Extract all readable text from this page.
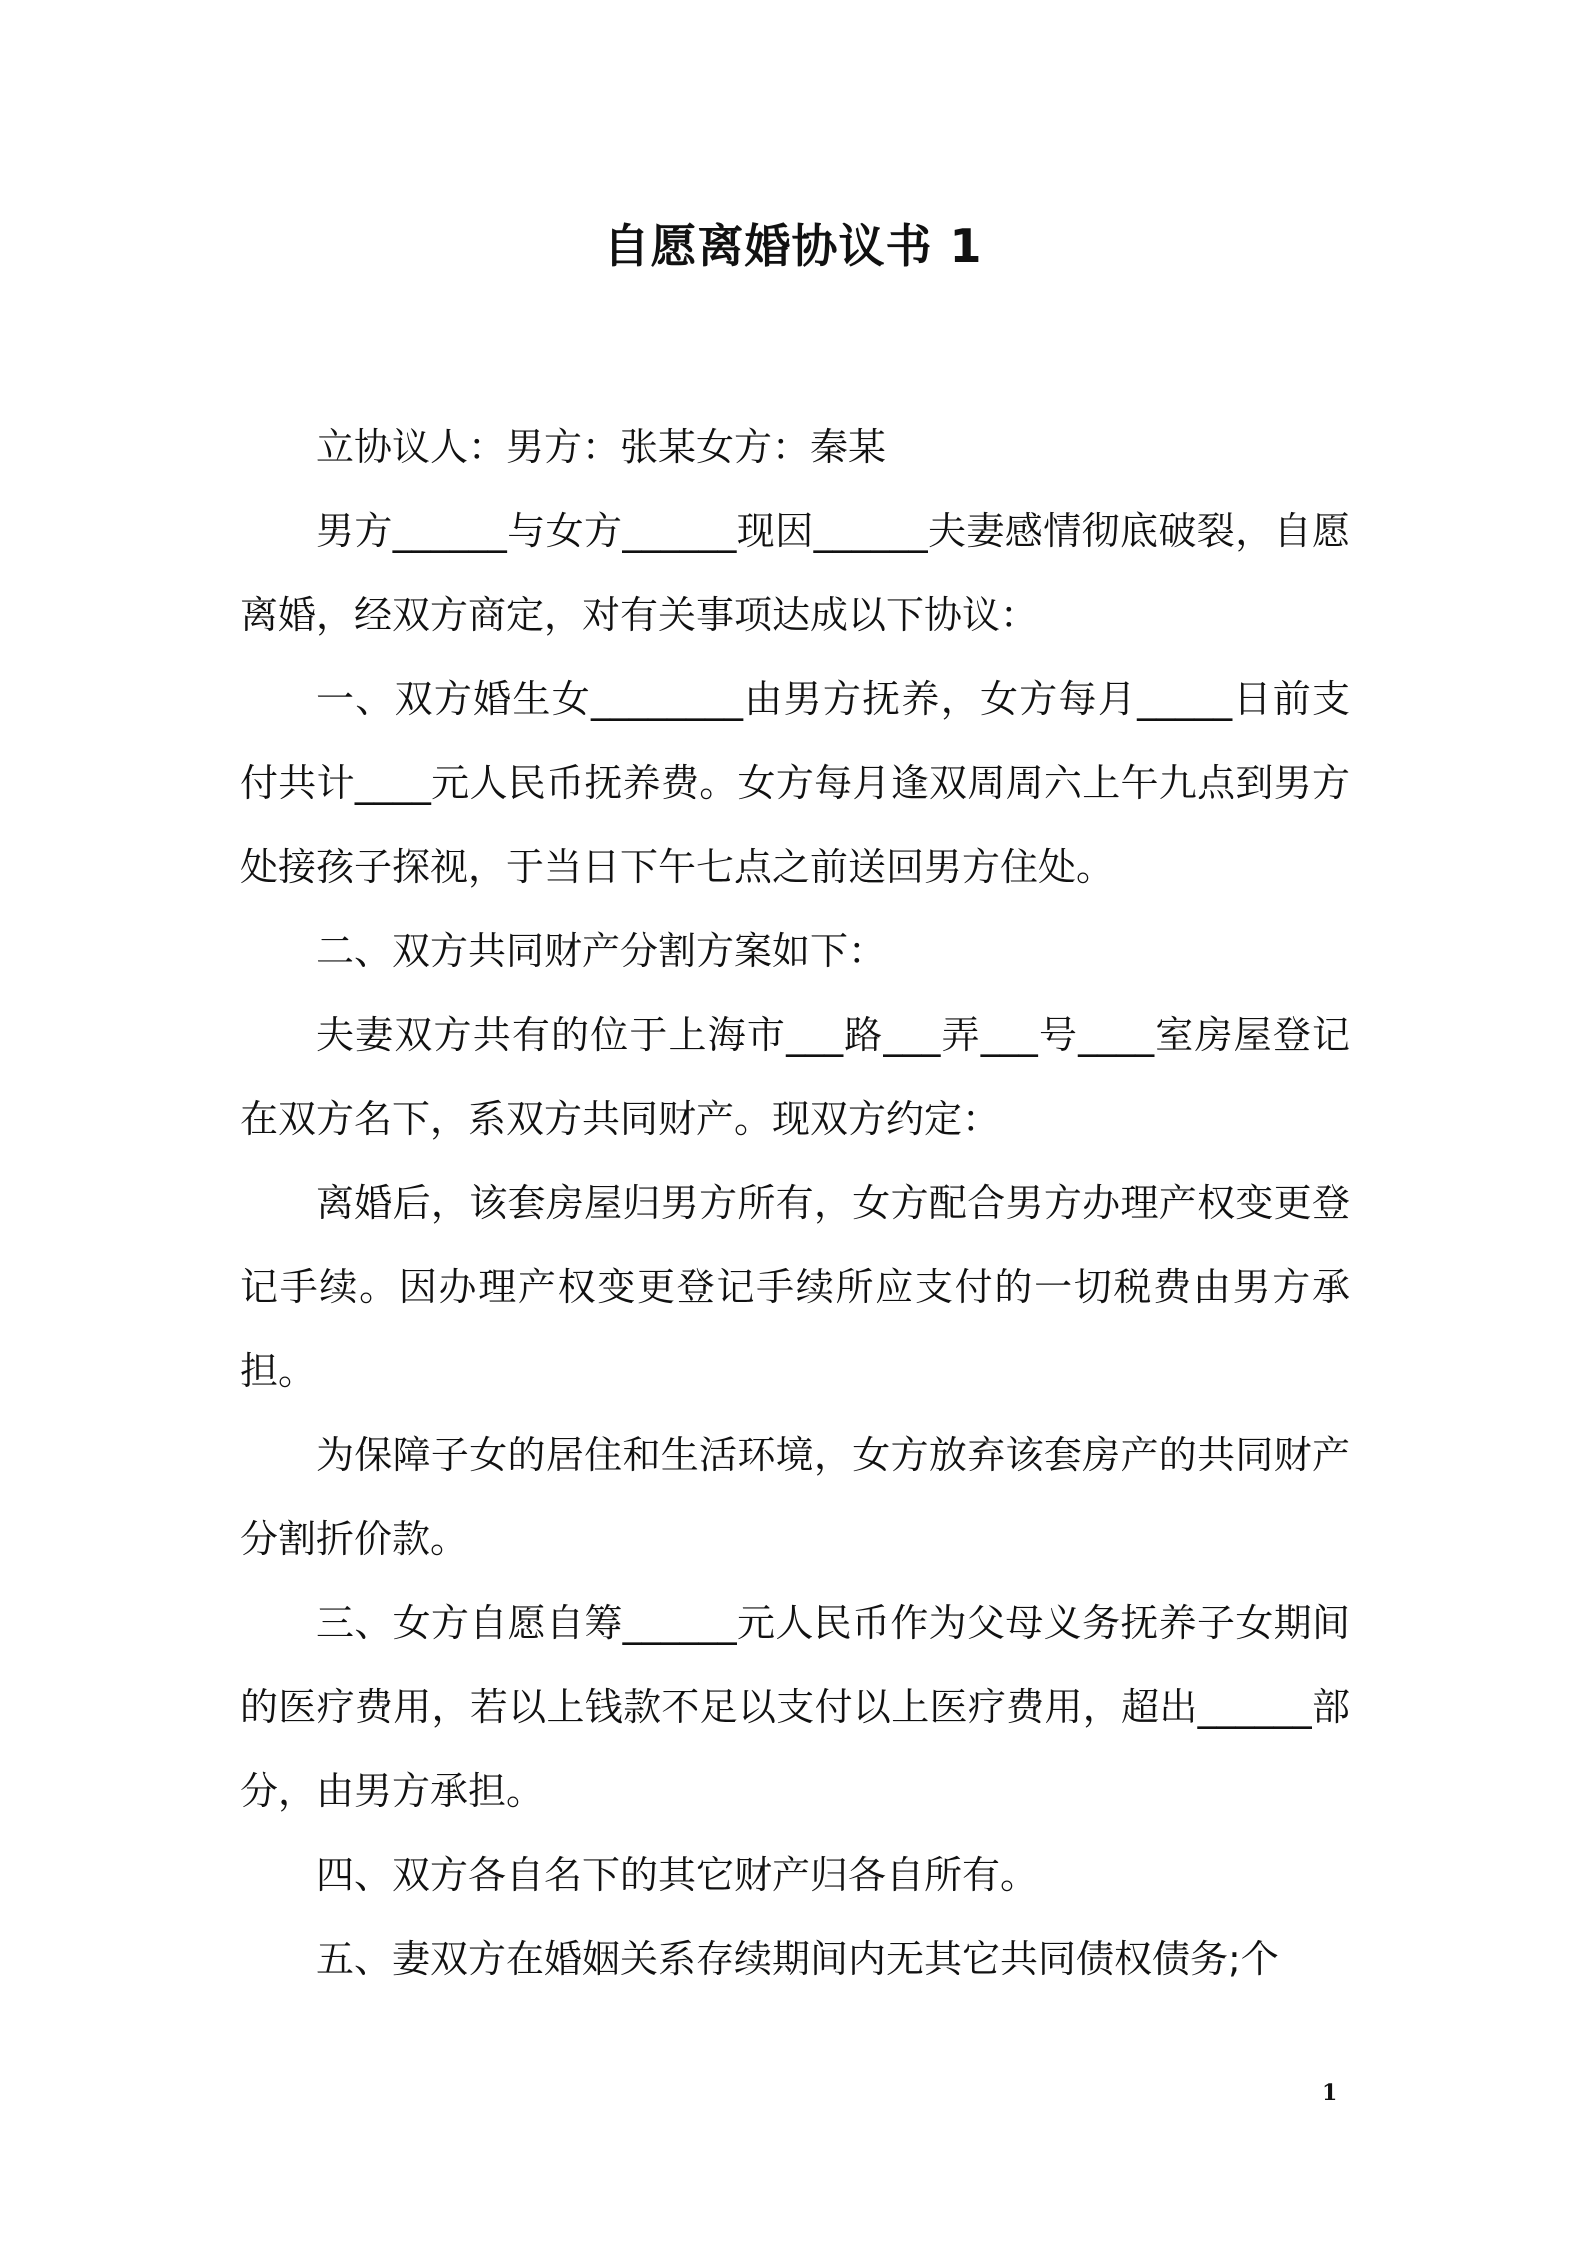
自愿离婚协议书 1

立协议人：男方：张某女方：秦某

男方______与女方______现因______夫妻感情彻底破裂，自愿离婚，经双方商定，对有关事项达成以下协议：

一、双方婚生女________由男方抚养，女方每月_____日前支付共计____元人民币抚养费。女方每月逢双周周六上午九点到男方处接孩子探视，于当日下午七点之前送回男方住处。

二、双方共同财产分割方案如下：

夫妻双方共有的位于上海市___路___弄___号____室房屋登记在双方名下，系双方共同财产。现双方约定：

离婚后，该套房屋归男方所有，女方配合男方办理产权变更登记手续。因办理产权变更登记手续所应支付的一切税费由男方承担。

为保障子女的居住和生活环境，女方放弃该套房产的共同财产分割折价款。

三、女方自愿自筹______元人民币作为父母义务抚养子女期间的医疗费用，若以上钱款不足以支付以上医疗费用，超出______部分，由男方承担。

四、双方各自名下的其它财产归各自所有。

五、妻双方在婚姻关系存续期间内无其它共同债权债务;个

1
